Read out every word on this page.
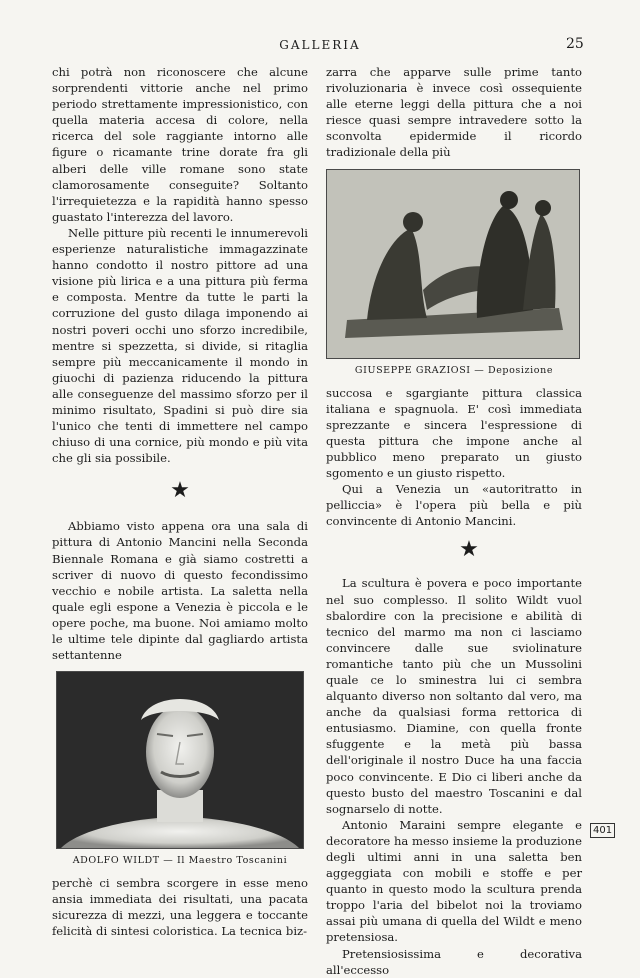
GALLERIA	25

chi potrà non riconoscere che alcune sorprendenti vittorie anche nel primo periodo strettamente impressionistico, con quella materia accesa di colore, nella ricerca del sole raggiante intorno alle figure o ricamante trine dorate fra gli alberi delle ville romane sono state clamorosamente conseguite? Soltanto l'irrequietezza e la rapidità hanno spesso guastato l'interezza del lavoro.

Nelle pitture più recenti le innumerevoli esperienze naturalistiche immagazzinate hanno condotto il nostro pittore ad una visione più lirica e a una pittura più ferma e composta. Mentre da tutte le parti la corruzione del gusto dilaga imponendo ai nostri poveri occhi uno sforzo incredibile, mentre si spezzetta, si divide, si ritaglia sempre più meccanicamente il mondo in giuochi di pazienza riducendo la pittura alle conseguenze del massimo sforzo per il minimo risultato, Spadini si può dire sia l'unico che tenti di immettere nel campo chiuso di una cornice, più mondo e più vita che gli sia possibile.

★

Abbiamo visto appena ora una sala di pittura di Antonio Mancini nella Seconda Biennale Romana e già siamo costretti a scriver di nuovo di questo fecondissimo vecchio e nobile artista. La saletta nella quale egli espone a Venezia è piccola e le opere poche, ma buone. Noi amiamo molto le ultime tele dipinte dal gagliardo artista settantenne

ADOLFO WILDT — Il Maestro Toscanini

perchè ci sembra scorgere in esse meno ansia immediata dei risultati, una pacata sicurezza di mezzi, una leggera e toccante felicità di sintesi coloristica. La tecnica biz-

zarra che apparve sulle prime tanto rivoluzionaria è invece così ossequiente alle eterne leggi della pittura che a noi riesce quasi sempre intravedere sotto la sconvolta epidermide il ricordo tradizionale della più

GIUSEPPE GRAZIOSI — Deposizione

succosa e sgargiante pittura classica italiana e spagnuola. E' così immediata sprezzante e sincera l'espressione di questa pittura che impone anche al pubblico meno preparato un giusto sgomento e un giusto rispetto.

Qui a Venezia un «autoritratto in pelliccia» è l'opera più bella e più convincente di Antonio Mancini.

★

La scultura è povera e poco importante nel suo complesso. Il solito Wildt vuol sbalordire con la precisione e abilità di tecnico del marmo ma non ci lasciamo convincere dalle sue sviolinature romantiche tanto più che un Mussolini quale ce lo sminestra lui ci sembra alquanto diverso non soltanto dal vero, ma anche da qualsiasi forma rettorica di entusiasmo. Diamine, con quella fronte sfuggente e la metà più bassa dell'originale il nostro Duce ha una faccia poco convincente. E Dio ci liberi anche da questo busto del maestro Toscanini e dal sognarselo di notte.

Antonio Maraini sempre elegante e decoratore ha messo insieme la produzione degli ultimi anni in una saletta ben aggeggiata con mobili e stoffe e per quanto in questo modo la scultura prenda troppo l'aria del bibelot noi la troviamo assai più umana di quella del Wildt e meno pretensiosa.

Pretensiosissima e decorativa all'eccesso

401
